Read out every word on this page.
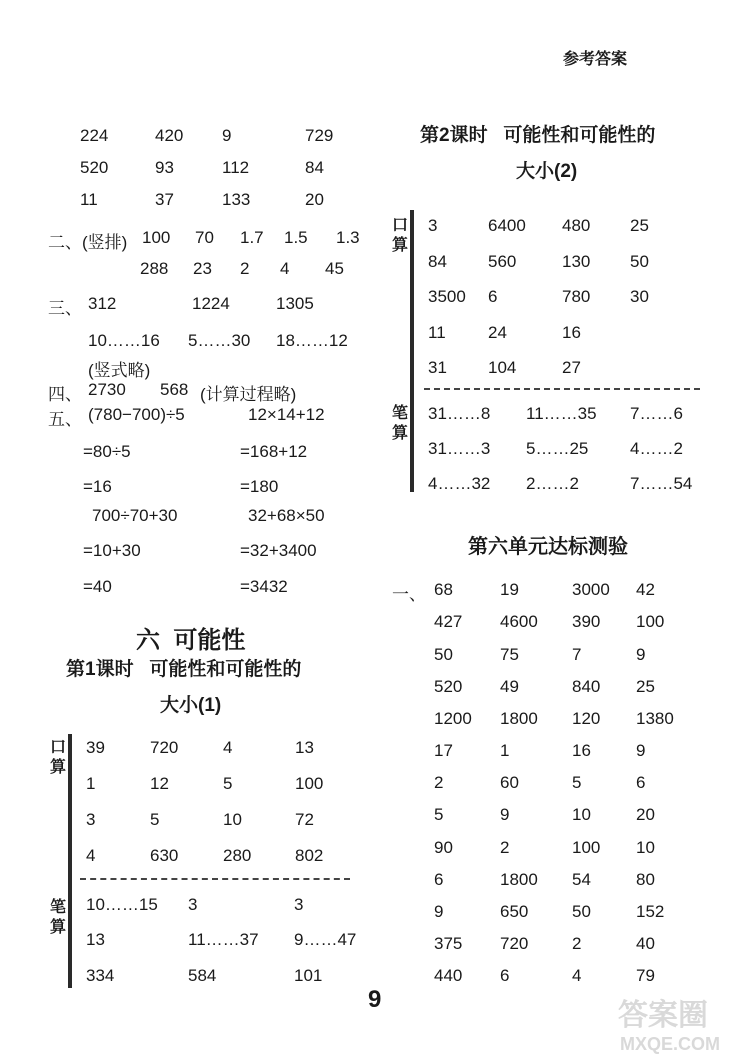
参考答案
224	420 9	729
520	93	112	84
11	37	133	20
二、(竖排) 100 70 1.7 1.5 1.3
288 23 2 4 45
三、 312	1224	1305
10……16 5……30 18……12
(竖式略)
四、 2730 568 (计算过程略)
五、 (780−700)÷5	12×14+12
=80÷5	=168+12
=16	=180
700÷70+30	32+68×50
=10+30	=32+3400
=40	=3432
六  可能性
第1课时   可能性和可能性的
大小(1)
口算
39	720	4	13
1	12	5	100
3	5	10	72
4	630	280	802
笔算
10……15 3	3
13	11……37 9……47
334	584	101
第2课时   可能性和可能性的
大小(2)
口算
3	6400 480 25
84 560	130 50
3500 6	780 30
11 24	16
31 104	27
笔算
31……8 11……35 7……6
31……3 5……25 4……2
4……32 2……2	7……54
第六单元达标测验
一、 68	19	3000 42
427 4600 390 100
50	75	7	9
520 49	840 25
1200 1800 120 1380
17	1	16	9
2	60	5	6
5	9	10	20
90	2	100 10
6	1800 54	80
9	650	50	152
375 720	2	40
440 6	4	79
9	答案圈
MXQE.COM
